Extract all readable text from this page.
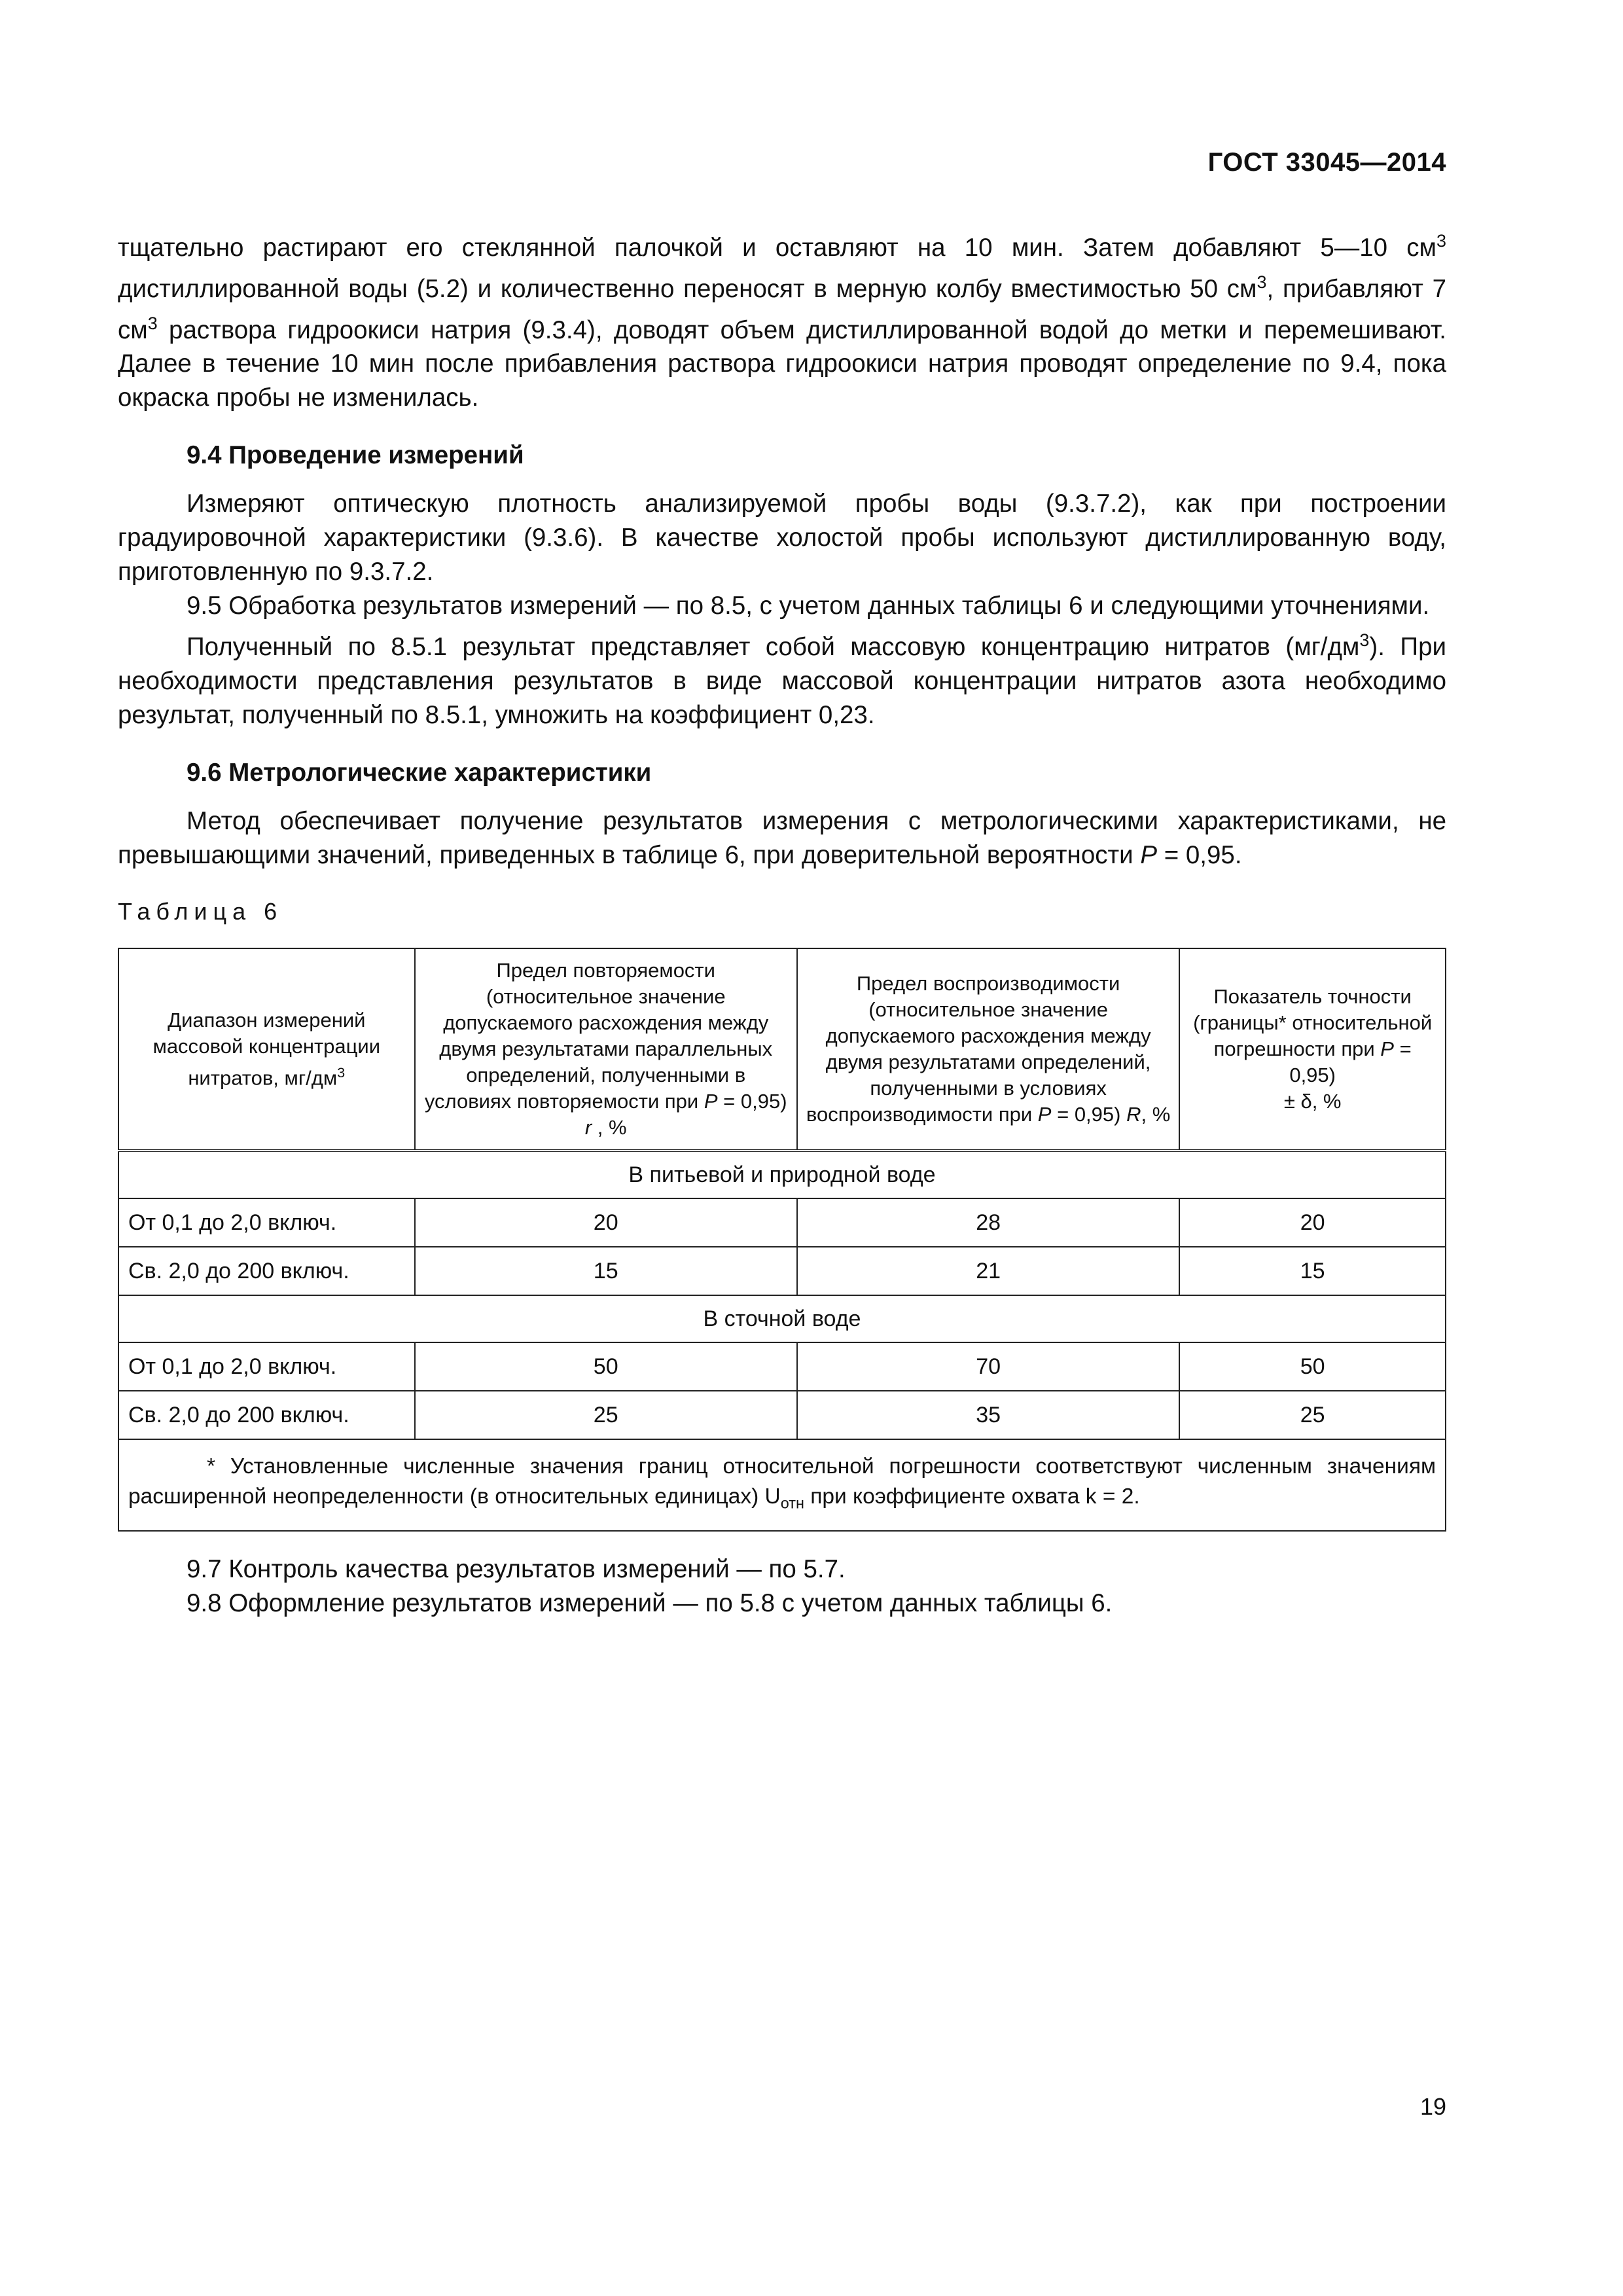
ГОСТ 33045—2014

тщательно растирают его стеклянной палочкой и оставляют на 10 мин. Затем добавляют 5—10 $см^3$ дистиллированной воды (5.2) и количественно переносят в мерную колбу вместимостью 50 $см^3$, прибавляют 7 $см^3$ раствора гидроокиси натрия (9.3.4), доводят объем дистиллированной водой до метки и перемешивают. Далее в течение 10 мин после прибавления раствора гидроокиси натрия проводят определение по 9.4, пока окраска пробы не изменилась.

9.4 Проведение измерений

Измеряют оптическую плотность анализируемой пробы воды (9.3.7.2), как при построении градуировочной характеристики (9.3.6). В качестве холостой пробы используют дистиллированную воду, приготовленную по 9.3.7.2.

9.5 Обработка результатов измерений — по 8.5, с учетом данных таблицы 6 и следующими уточнениями.

Полученный по 8.5.1 результат представляет собой массовую концентрацию нитратов $(мг/дм^3)$. При необходимости представления результатов в виде массовой концентрации нитратов азота необходимо результат, полученный по 8.5.1, умножить на коэффициент 0,23.

9.6 Метрологические характеристики

Метод обеспечивает получение результатов измерения с метрологическими характеристиками, не превышающими значений, приведенных в таблице 6, при доверительной вероятности P = 0,95.

Таблица 6
Диапазон измерений массовой концентрации нитратов, $мг/дм^3$	Предел повторяемости (относительное значение допускаемого расхождения между двумя результатами параллельных определений, полученными в условиях повторяемости при P = 0,95) r , %	Предел воспроизводимости (относительное значение допускаемого расхождения между двумя результатами определений, полученными в условиях воспроизводимости при P = 0,95) R, %	Показатель точности (границы* относительной погрешности при P = 0,95)
± δ, %
В питьевой и природной воде			
От 0,1 до 2,0 включ.	20	28	20
Св. 2,0 до 200 включ.	15	21	15
В сточной воде			
От 0,1 до 2,0 включ.	50	70	50
Св. 2,0 до 200 включ.	25	35	25

* Установленные численные значения границ относительной погрешности соответствуют численным значениям расширенной неопределенности (в относительных единицах) $U_{отн}$ при коэффициенте охвата k = 2.			

9.7 Контроль качества результатов измерений — по 5.7.

9.8 Оформление результатов измерений — по 5.8 с учетом данных таблицы 6.

19
